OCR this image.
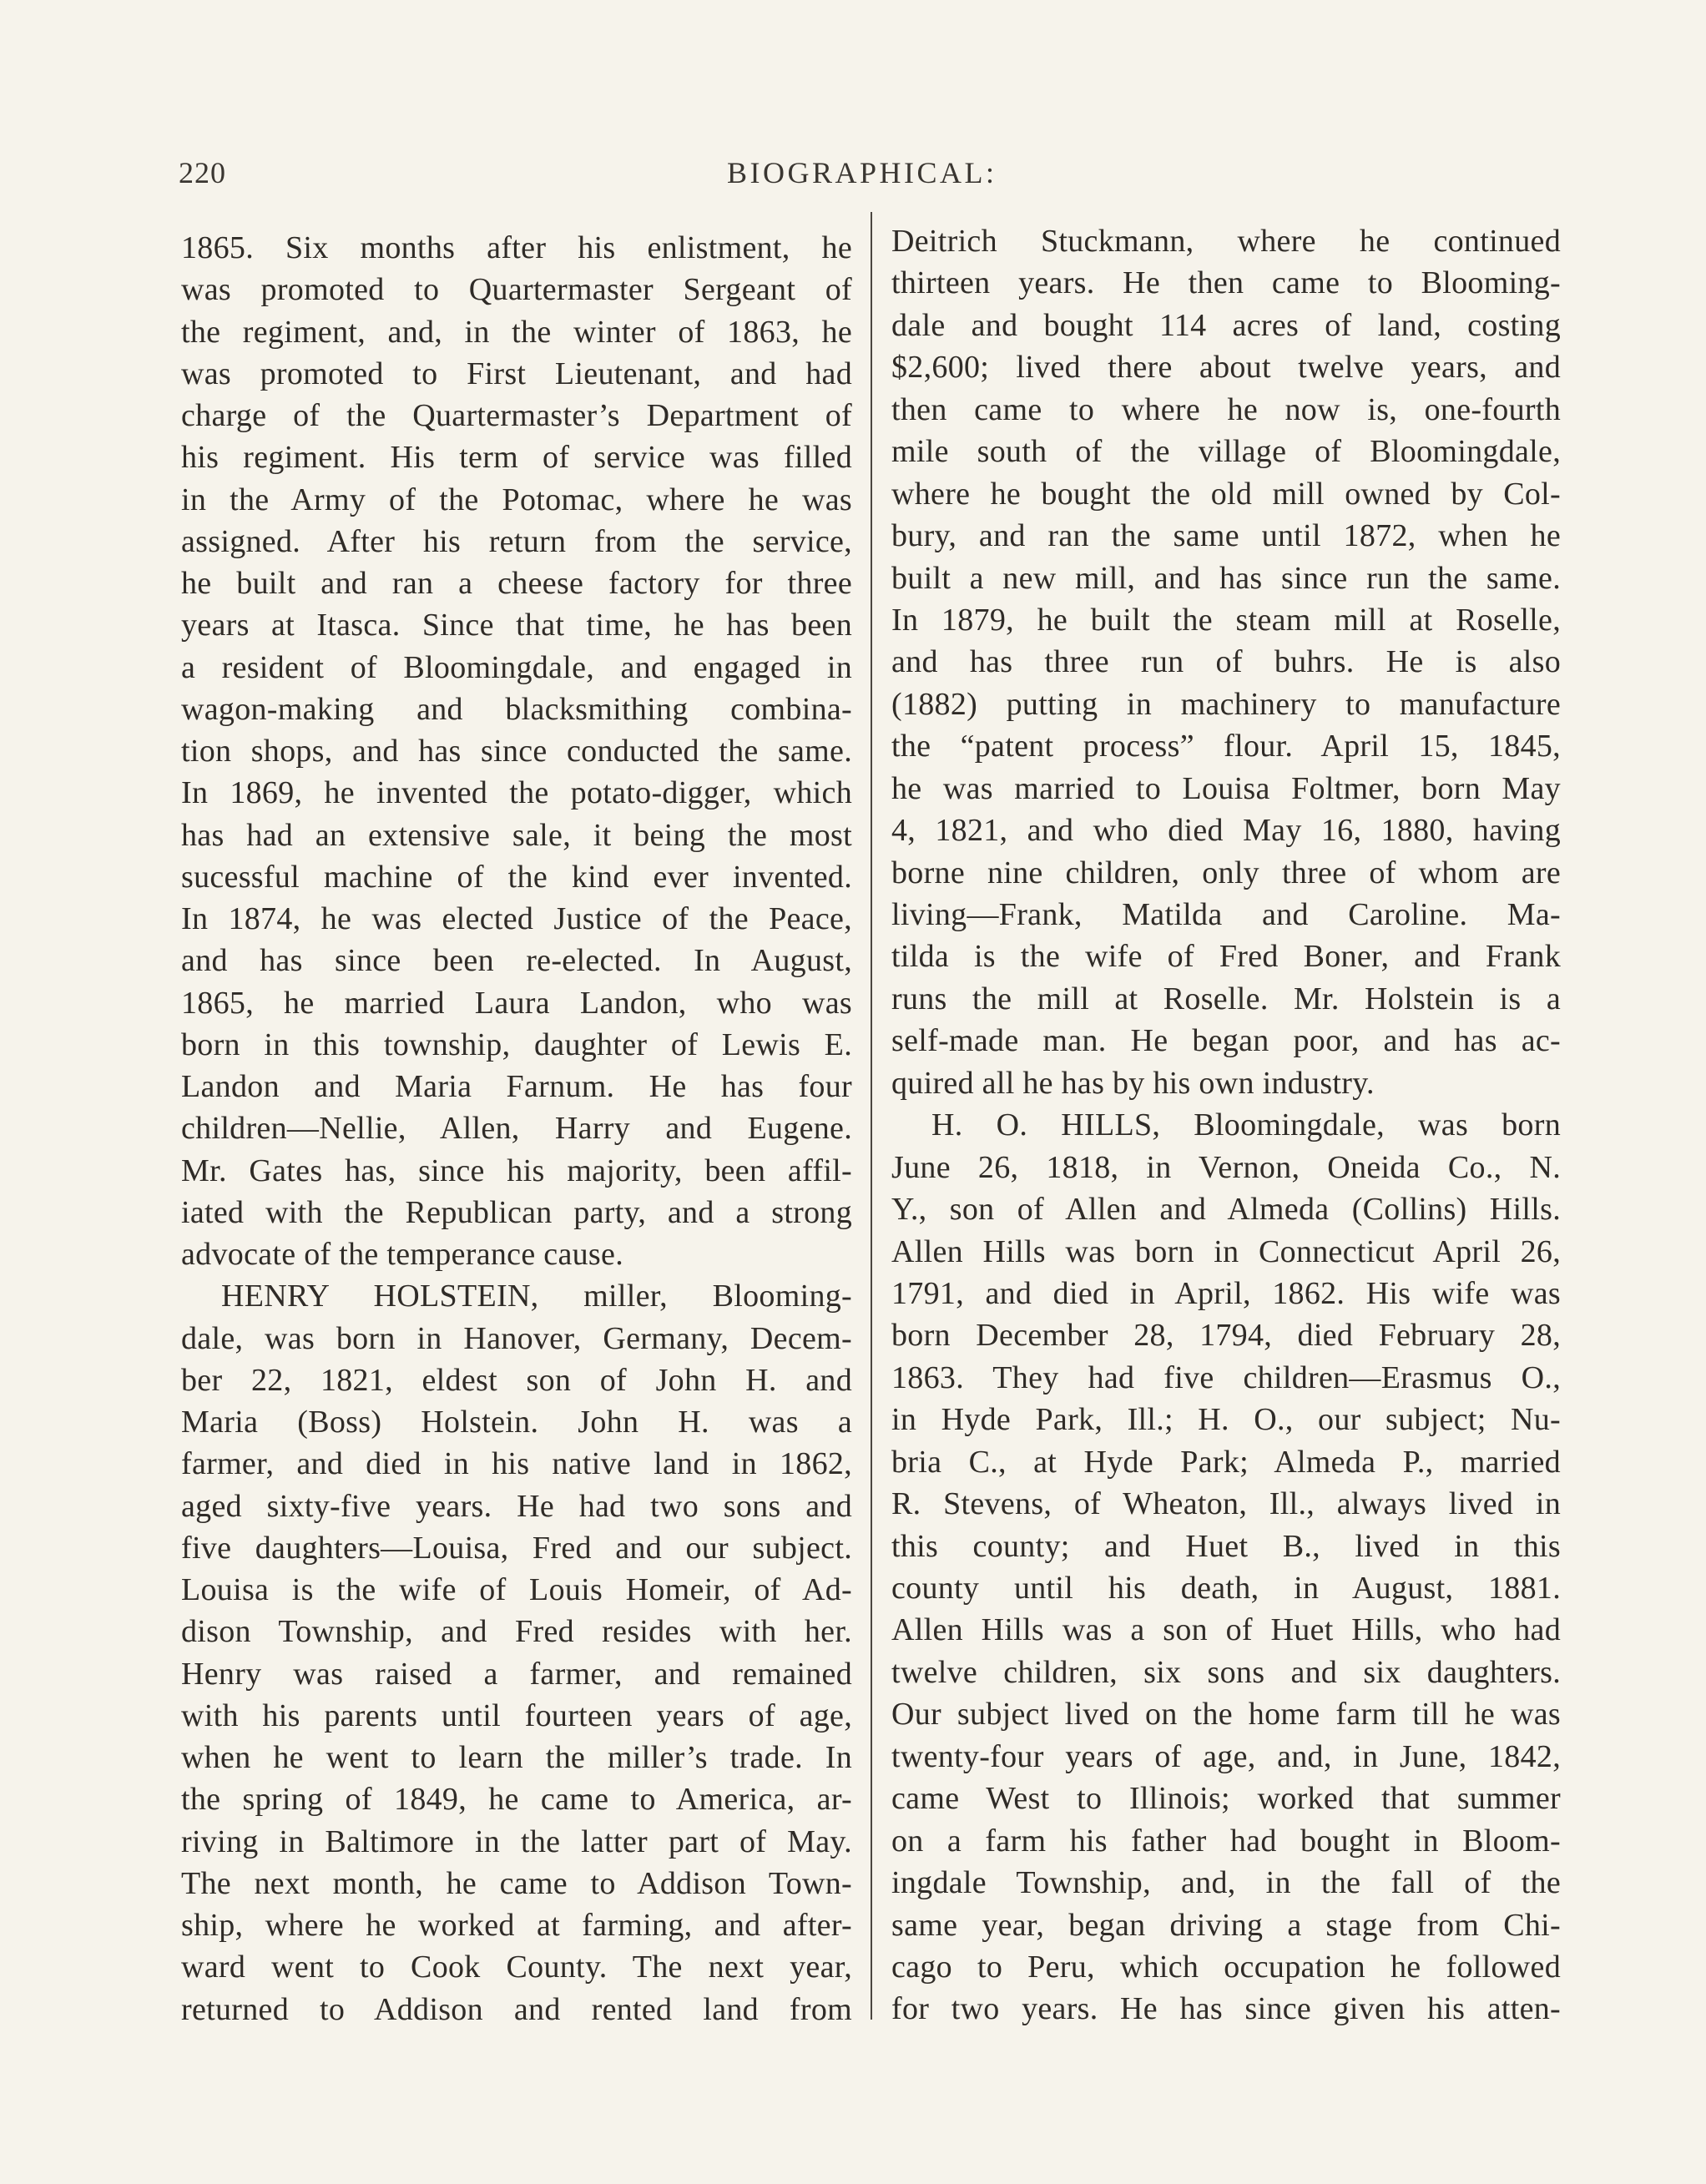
220	BIOGRAPHICAL:
1865. Six months after his enlistment, he
was promoted to Quartermaster Sergeant of
the regiment, and, in the winter of 1863, he
was promoted to First Lieutenant, and had
charge of the Quartermaster’s Department of
his regiment. His term of service was filled
in the Army of the Potomac, where he was
assigned. After his return from the service,
he built and ran a cheese factory for three
years at Itasca. Since that time, he has been
a resident of Bloomingdale, and engaged in
wagon-making and blacksmithing combina-
tion shops, and has since conducted the same.
In 1869, he invented the potato-digger, which
has had an extensive sale, it being the most
sucessful machine of the kind ever invented.
In 1874, he was elected Justice of the Peace,
and has since been re-elected. In August,
1865, he married Laura Landon, who was
born in this township, daughter of Lewis E.
Landon and Maria Farnum. He has four
children—Nellie, Allen, Harry and Eugene.
Mr. Gates has, since his majority, been affil-
iated with the Republican party, and a strong
advocate of the temperance cause.
HENRY HOLSTEIN, miller, Blooming-
dale, was born in Hanover, Germany, Decem-
ber 22, 1821, eldest son of John H. and
Maria (Boss) Holstein. John H. was a
farmer, and died in his native land in 1862,
aged sixty-five years. He had two sons and
five daughters—Louisa, Fred and our subject.
Louisa is the wife of Louis Homeir, of Ad-
dison Township, and Fred resides with her.
Henry was raised a farmer, and remained
with his parents until fourteen years of age,
when he went to learn the miller’s trade. In
the spring of 1849, he came to America, ar-
riving in Baltimore in the latter part of May.
The next month, he came to Addison Town-
ship, where he worked at farming, and after-
ward went to Cook County. The next year,
returned to Addison and rented land from
Deitrich Stuckmann, where he continued
thirteen years. He then came to Blooming-
dale and bought 114 acres of land, costing
$2,600; lived there about twelve years, and
then came to where he now is, one-fourth
mile south of the village of Bloomingdale,
where he bought the old mill owned by Col-
bury, and ran the same until 1872, when he
built a new mill, and has since run the same.
In 1879, he built the steam mill at Roselle,
and has three run of buhrs. He is also
(1882) putting in machinery to manufacture
the “patent process” flour. April 15, 1845,
he was married to Louisa Foltmer, born May
4, 1821, and who died May 16, 1880, having
borne nine children, only three of whom are
living—Frank, Matilda and Caroline. Ma-
tilda is the wife of Fred Boner, and Frank
runs the mill at Roselle. Mr. Holstein is a
self-made man. He began poor, and has ac-
quired all he has by his own industry.
H. O. HILLS, Bloomingdale, was born
June 26, 1818, in Vernon, Oneida Co., N.
Y., son of Allen and Almeda (Collins) Hills.
Allen Hills was born in Connecticut April 26,
1791, and died in April, 1862. His wife was
born December 28, 1794, died February 28,
1863. They had five children—Erasmus O.,
in Hyde Park, Ill.; H. O., our subject; Nu-
bria C., at Hyde Park; Almeda P., married
R. Stevens, of Wheaton, Ill., always lived in
this county; and Huet B., lived in this
county until his death, in August, 1881.
Allen Hills was a son of Huet Hills, who had
twelve children, six sons and six daughters.
Our subject lived on the home farm till he was
twenty-four years of age, and, in June, 1842,
came West to Illinois; worked that summer
on a farm his father had bought in Bloom-
ingdale Township, and, in the fall of the
same year, began driving a stage from Chi-
cago to Peru, which occupation he followed
for two years. He has since given his atten-
